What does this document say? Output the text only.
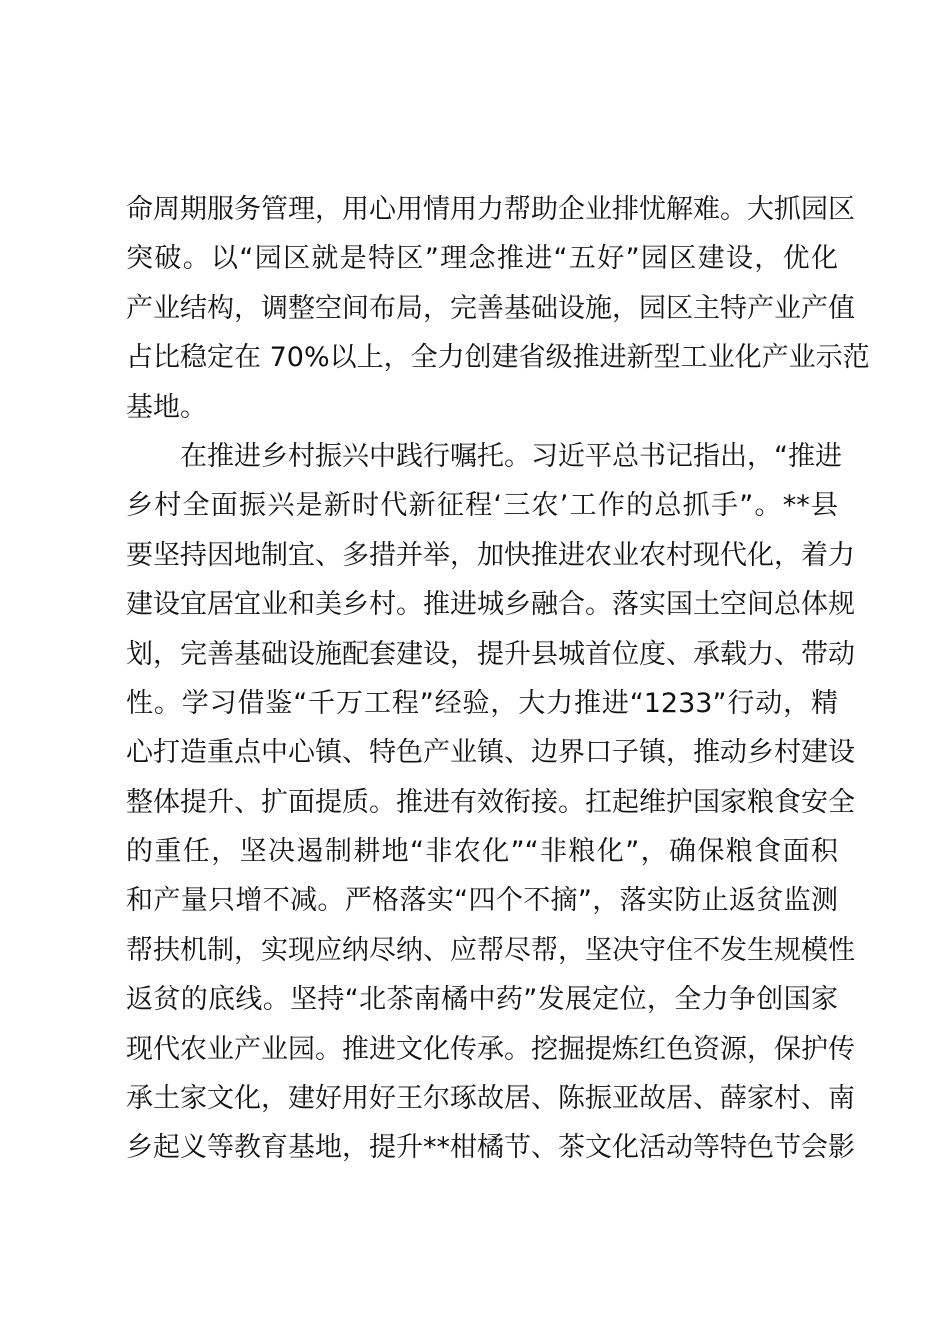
命周期服务管理，用心用情用力帮助企业排忧解难。大抓园区
突破。以“园区就是特区”理念推进“五好”园区建设，优化
产业结构，调整空间布局，完善基础设施，园区主特产业产值
占比稳定在 70%以上，全力创建省级推进新型工业化产业示范
基地。
在推进乡村振兴中践行嘱托。习近平总书记指出，“推进
乡村全面振兴是新时代新征程‘三农’工作的总抓手”。**县
要坚持因地制宜、多措并举，加快推进农业农村现代化，着力
建设宜居宜业和美乡村。推进城乡融合。落实国土空间总体规
划，完善基础设施配套建设，提升县城首位度、承载力、带动
性。学习借鉴“千万工程”经验，大力推进“1233”行动，精
心打造重点中心镇、特色产业镇、边界口子镇，推动乡村建设
整体提升、扩面提质。推进有效衔接。扛起维护国家粮食安全
的重任，坚决遏制耕地“非农化”“非粮化”，确保粮食面积
和产量只增不减。严格落实“四个不摘”，落实防止返贫监测
帮扶机制，实现应纳尽纳、应帮尽帮，坚决守住不发生规模性
返贫的底线。坚持“北茶南橘中药”发展定位，全力争创国家
现代农业产业园。推进文化传承。挖掘提炼红色资源，保护传
承土家文化，建好用好王尔琢故居、陈振亚故居、薛家村、南
乡起义等教育基地，提升**柑橘节、茶文化活动等特色节会影
